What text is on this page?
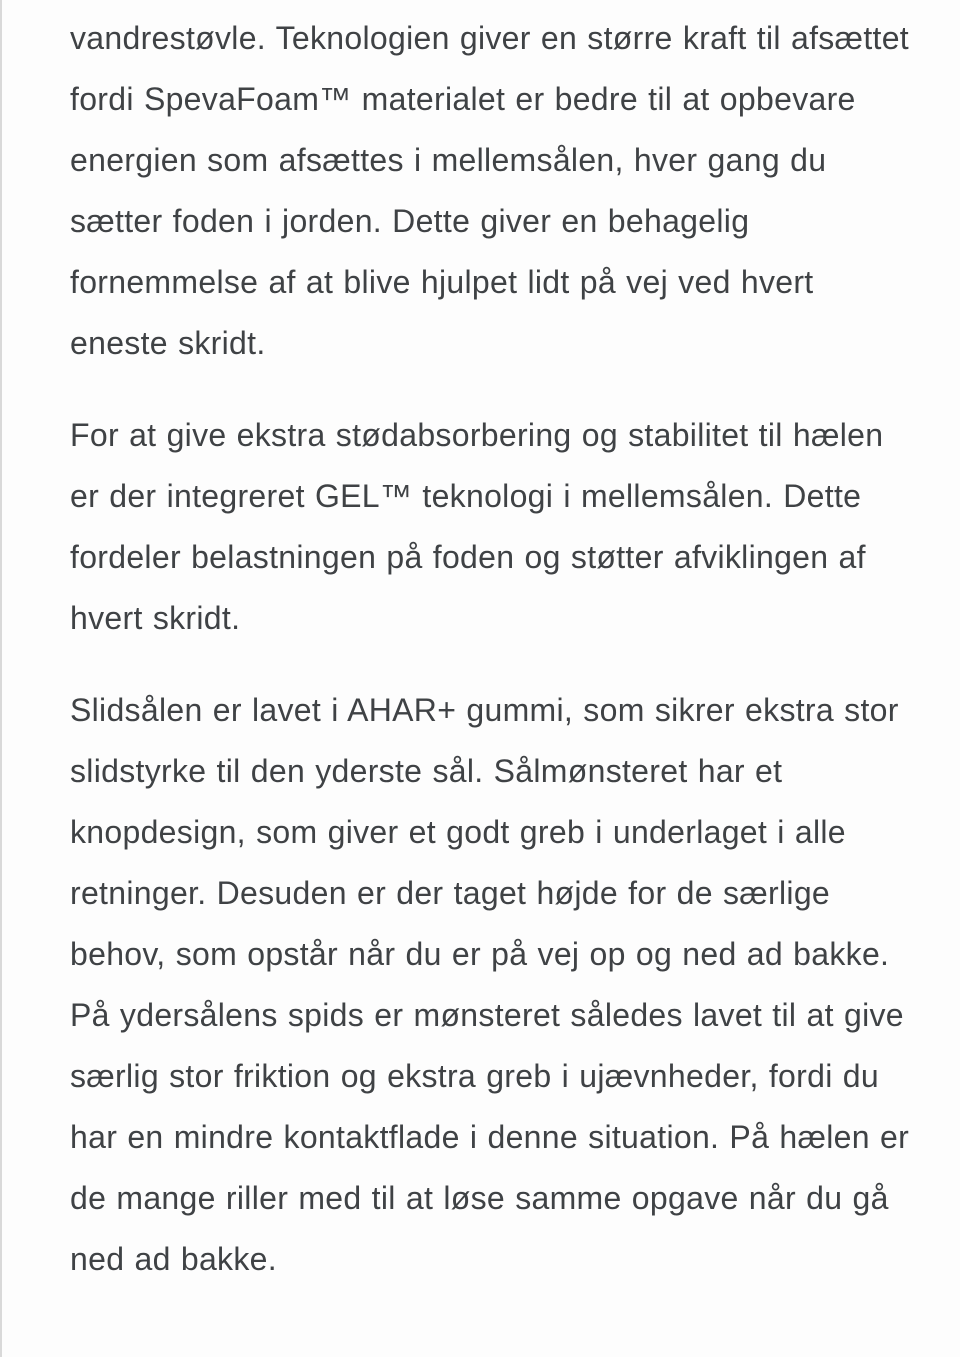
vandrestøvle. Teknologien giver en større kraft til afsættet fordi SpevaFoam™ materialet er bedre til at opbevare energien som afsættes i mellemsålen, hver gang du sætter foden i jorden. Dette giver en behagelig fornemmelse af at blive hjulpet lidt på vej ved hvert eneste skridt.

For at give ekstra stødabsorbering og stabilitet til hælen er der integreret GEL™ teknologi i mellemsålen. Dette fordeler belastningen på foden og støtter afviklingen af hvert skridt.

Slidsålen er lavet i AHAR+ gummi, som sikrer ekstra stor slidstyrke til den yderste sål. Sålmønsteret har et knopdesign, som giver et godt greb i underlaget i alle retninger. Desuden er der taget højde for de særlige behov, som opstår når du er på vej op og ned ad bakke. På ydersålens spids er mønsteret således lavet til at give særlig stor friktion og ekstra greb i ujævnheder, fordi du har en mindre kontaktflade i denne situation. På hælen er de mange riller med til at løse samme opgave når du gå ned ad bakke.
